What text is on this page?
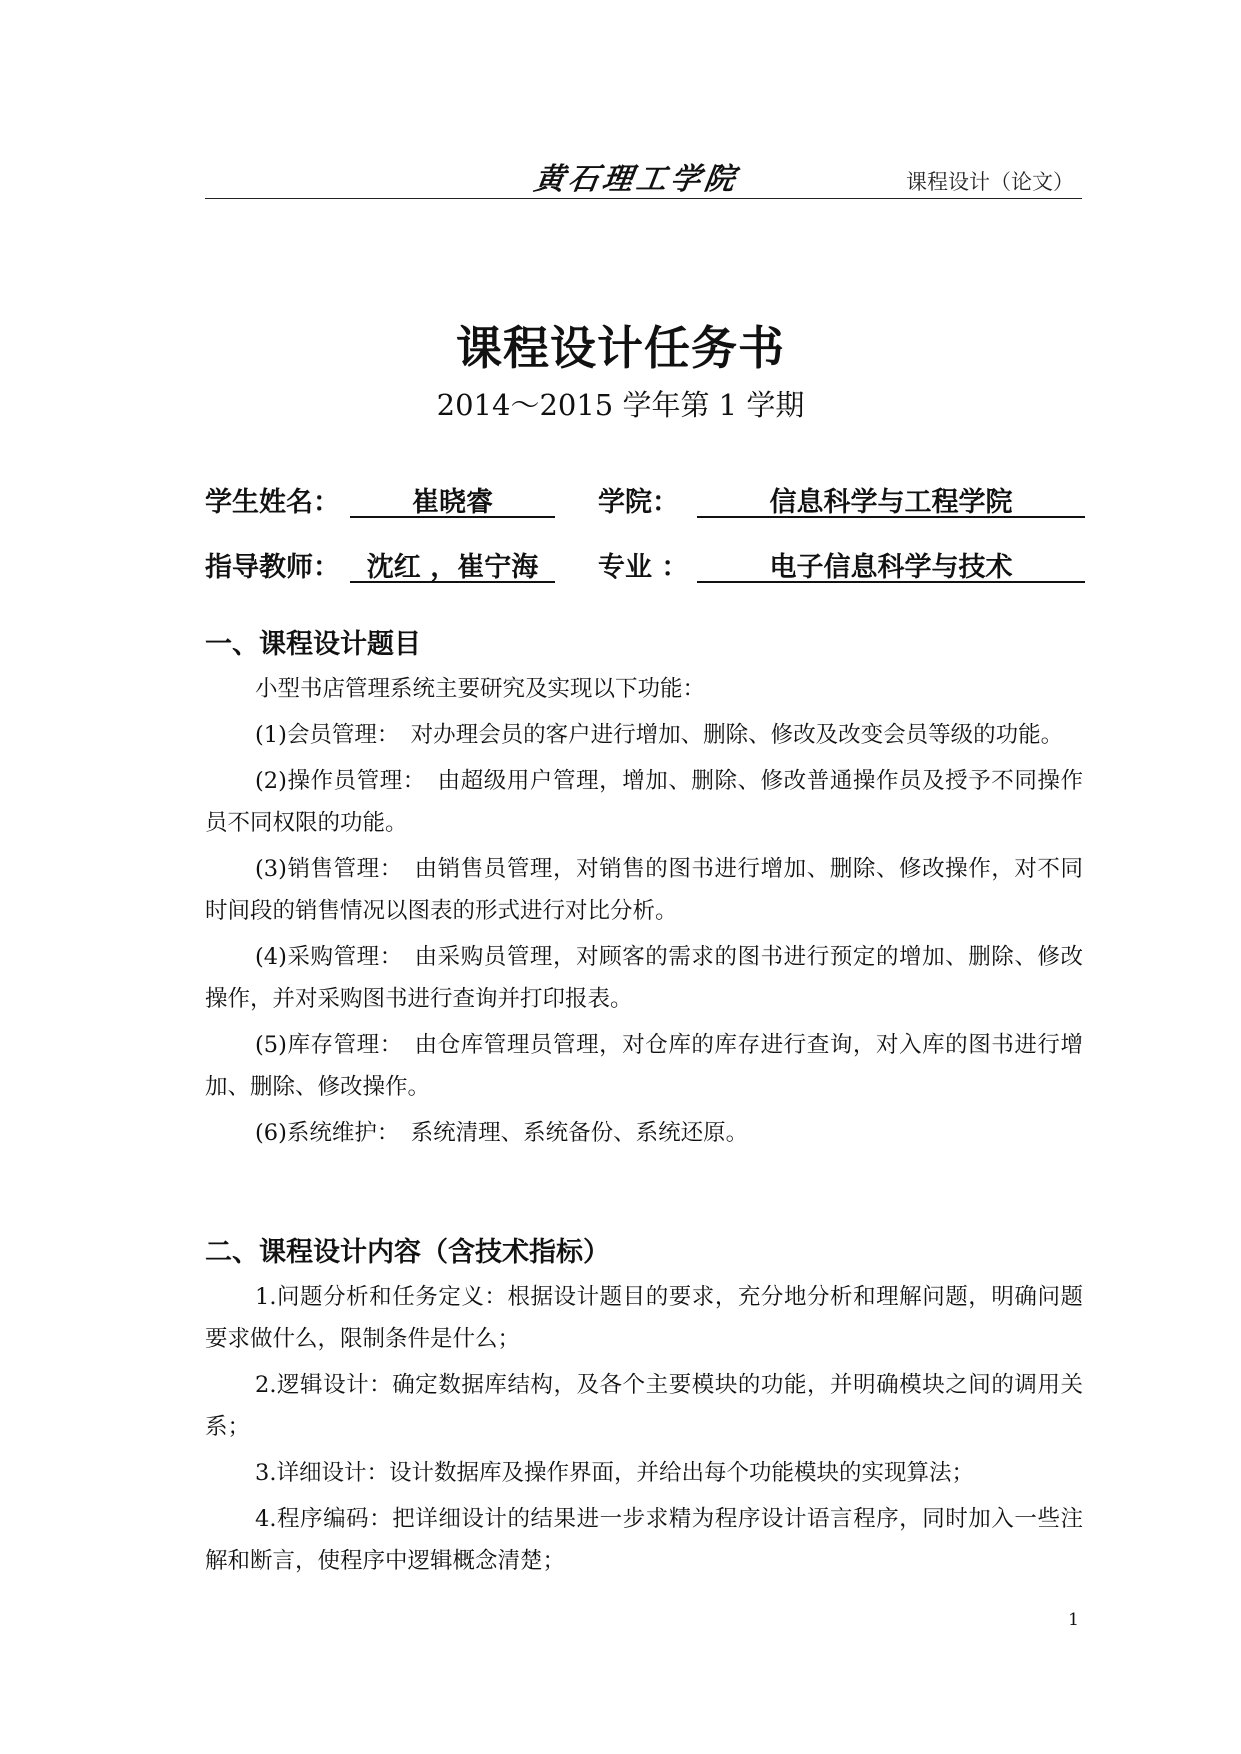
黄石理工学院	课程设计（论文）
课程设计任务书
2014～2015 学年第 1 学期
学生姓名：	崔晓睿	学院：	信息科学与工程学院
指导教师： 沈红 ，崔宁海	专业 ：	电子信息科学与技术
一、课程设计题目
小型书店管理系统主要研究及实现以下功能：
(1)会员管理：　对办理会员的客户进行增加、删除、修改及改变会员等级的功能。
(2)操作员管理：　由超级用户管理，增加、删除、修改普通操作员及授予不同操作员不同权限的功能。
(3)销售管理：　由销售员管理，对销售的图书进行增加、删除、修改操作，对不同时间段的销售情况以图表的形式进行对比分析。
(4)采购管理：　由采购员管理，对顾客的需求的图书进行预定的增加、删除、修改操作，并对采购图书进行查询并打印报表。
(5)库存管理：　由仓库管理员管理，对仓库的库存进行查询，对入库的图书进行增加、删除、修改操作。
(6)系统维护：　系统清理、系统备份、系统还原。
二、课程设计内容（含技术指标）
1.问题分析和任务定义：根据设计题目的要求，充分地分析和理解问题，明确问题要求做什么，限制条件是什么；
2.逻辑设计：确定数据库结构，及各个主要模块的功能，并明确模块之间的调用关系；
3.详细设计：设计数据库及操作界面，并给出每个功能模块的实现算法；
4.程序编码：把详细设计的结果进一步求精为程序设计语言程序，同时加入一些注解和断言，使程序中逻辑概念清楚；
1
